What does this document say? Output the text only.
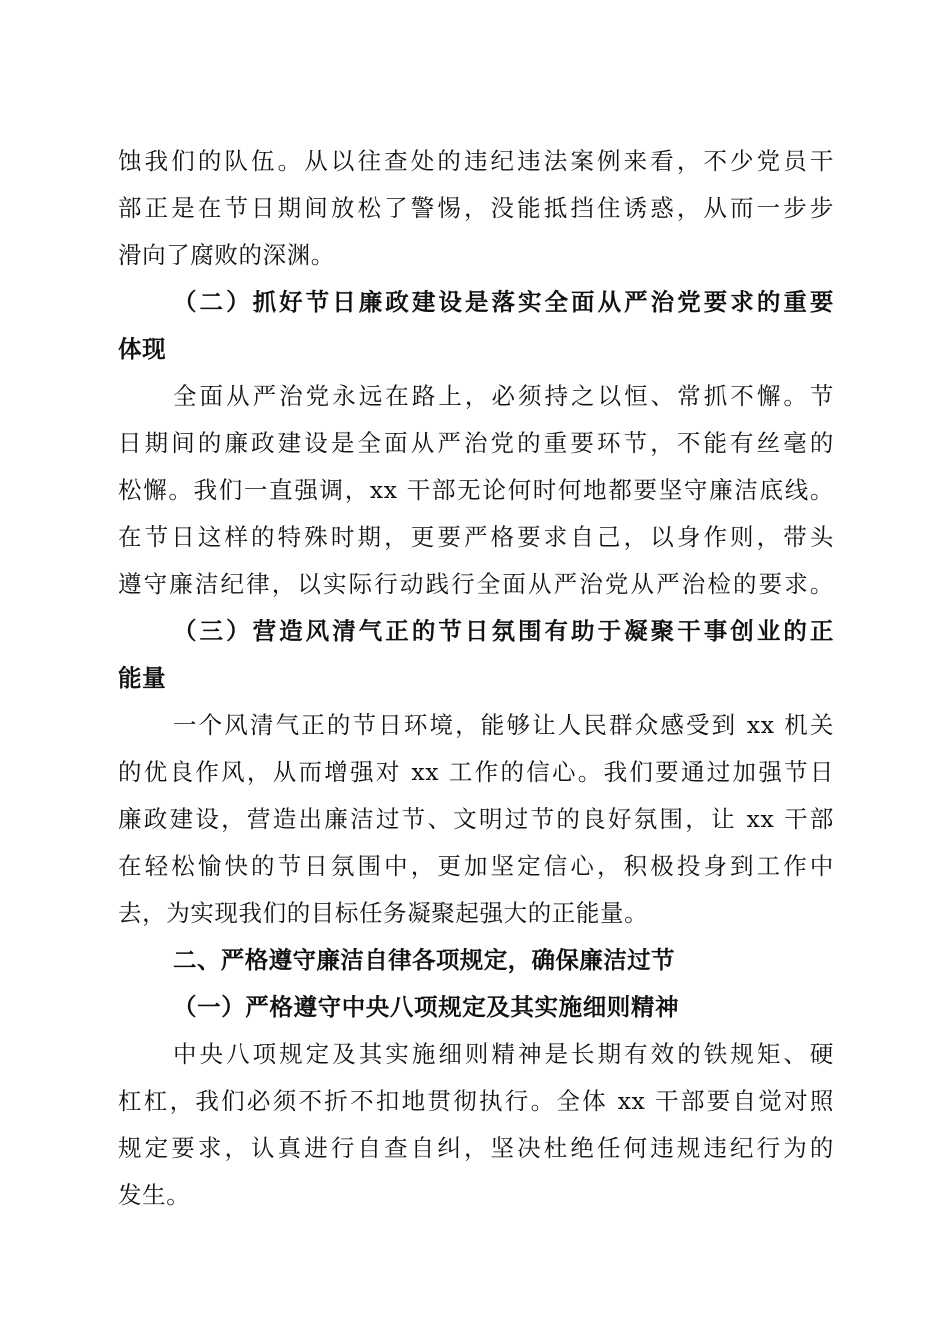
蚀我们的队伍。从以往查处的违纪违法案例来看，不少党员干
部正是在节日期间放松了警惕，没能抵挡住诱惑，从而一步步
滑向了腐败的深渊。
（二）抓好节日廉政建设是落实全面从严治党要求的重要
体现
全面从严治党永远在路上，必须持之以恒、常抓不懈。节
日期间的廉政建设是全面从严治党的重要环节，不能有丝毫的
松懈。我们一直强调，xx 干部无论何时何地都要坚守廉洁底线。
在节日这样的特殊时期，更要严格要求自己，以身作则，带头
遵守廉洁纪律，以实际行动践行全面从严治党从严治检的要求。
（三）营造风清气正的节日氛围有助于凝聚干事创业的正
能量
一个风清气正的节日环境，能够让人民群众感受到 xx 机关
的优良作风，从而增强对 xx 工作的信心。我们要通过加强节日
廉政建设，营造出廉洁过节、文明过节的良好氛围，让 xx 干部
在轻松愉快的节日氛围中，更加坚定信心，积极投身到工作中
去，为实现我们的目标任务凝聚起强大的正能量。
二、严格遵守廉洁自律各项规定，确保廉洁过节
（一）严格遵守中央八项规定及其实施细则精神
中央八项规定及其实施细则精神是长期有效的铁规矩、硬
杠杠，我们必须不折不扣地贯彻执行。全体 xx 干部要自觉对照
规定要求，认真进行自查自纠，坚决杜绝任何违规违纪行为的
发生。
